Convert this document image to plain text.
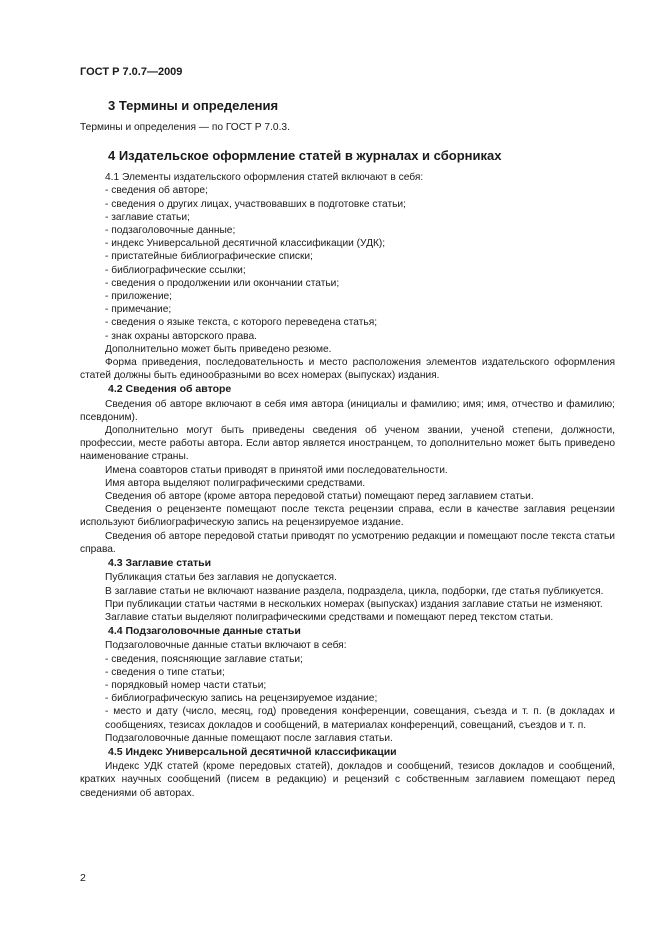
ГОСТ Р 7.0.7—2009
3 Термины и определения

Термины и определения — по ГОСТ Р 7.0.3.

4 Издательское оформление статей в журналах и сборниках

4.1 Элементы издательского оформления статей включают в себя:

- сведения об авторе;

- сведения о других лицах, участвовавших в подготовке статьи;

- заглавие статьи;

- подзаголовочные данные;

- индекс Универсальной десятичной классификации (УДК);

- пристатейные библиографические списки;

- библиографические ссылки;

- сведения о продолжении или окончании статьи;

- приложение;

- примечание;

- сведения о языке текста, с которого переведена статья;

- знак охраны авторского права.

Дополнительно может быть приведено резюме.

Форма приведения, последовательность и место расположения элементов издательского оформления статей должны быть единообразными во всех номерах (выпусках) издания.

4.2 Сведения об авторе

Сведения об авторе включают в себя имя автора (инициалы и фамилию; имя; имя, отчество и фамилию; псевдоним).

Дополнительно могут быть приведены сведения об ученом звании, ученой степени, должности, профессии, месте работы автора. Если автор является иностранцем, то дополнительно может быть приведено наименование страны.

Имена соавторов статьи приводят в принятой ими последовательности.

Имя автора выделяют полиграфическими средствами.

Сведения об авторе (кроме автора передовой статьи) помещают перед заглавием статьи.

Сведения о рецензенте помещают после текста рецензии справа, если в качестве заглавия рецензии используют библиографическую запись на рецензируемое издание.

Сведения об авторе передовой статьи приводят по усмотрению редакции и помещают после текста статьи справа.

4.3 Заглавие статьи

Публикация статьи без заглавия не допускается.

В заглавие статьи не включают название раздела, подраздела, цикла, подборки, где статья публикуется.

При публикации статьи частями в нескольких номерах (выпусках) издания заглавие статьи не изменяют.

Заглавие статьи выделяют полиграфическими средствами и помещают перед текстом статьи.

4.4 Подзаголовочные данные статьи

Подзаголовочные данные статьи включают в себя:

- сведения, поясняющие заглавие статьи;

- сведения о типе статьи;

- порядковый номер части статьи;

- библиографическую запись на рецензируемое издание;

- место и дату (число, месяц, год) проведения конференции, совещания, съезда и т. п. (в докладах и сообщениях, тезисах докладов и сообщений, в материалах конференций, совещаний, съездов и т. п.

Подзаголовочные данные помещают после заглавия статьи.

4.5 Индекс Универсальной десятичной классификации

Индекс УДК статей (кроме передовых статей), докладов и сообщений, тезисов докладов и сообщений, кратких научных сообщений (писем в редакцию) и рецензий с собственным заглавием помещают перед сведениями об авторах.

2
